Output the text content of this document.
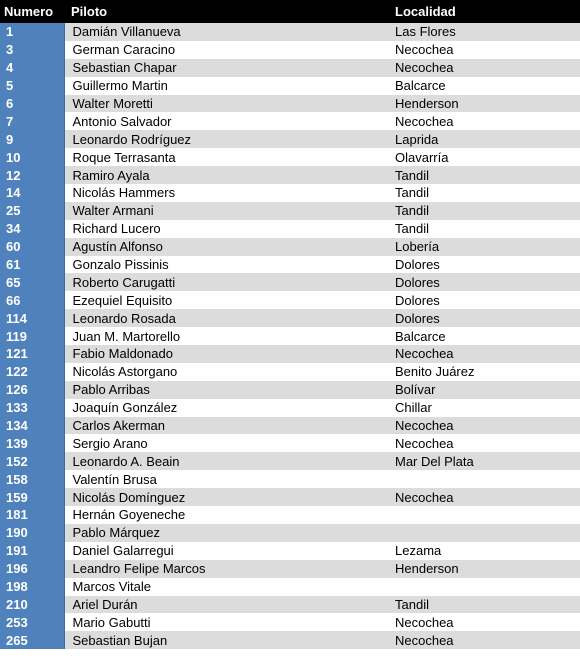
Numero	Piloto	Localidad
1	Damián Villanueva	Las Flores
3	German Caracino	Necochea
4	Sebastian Chapar	Necochea
5	Guillermo Martin	Balcarce
6	Walter Moretti	Henderson
7	Antonio Salvador	Necochea
9	Leonardo Rodríguez	Laprida
10	Roque Terrasanta	Olavarría
12	Ramiro Ayala	Tandil
14	Nicolás Hammers	Tandil
25	Walter Armani	Tandil
34	Richard Lucero	Tandil
60	Agustín Alfonso	Lobería
61	Gonzalo Pissinis	Dolores
65	Roberto Carugatti	Dolores
66	Ezequiel Equisito	Dolores
114	Leonardo Rosada	Dolores
119	Juan M. Martorello	Balcarce
121	Fabio Maldonado	Necochea
122	Nicolás Astorgano	Benito Juárez
126	Pablo Arribas	Bolívar
133	Joaquín González	Chillar
134	Carlos Akerman	Necochea
139	Sergio Arano	Necochea
152	Leonardo A. Beain	Mar Del Plata
158	Valentín Brusa	
159	Nicolás Domínguez	Necochea
181	Hernán Goyeneche	
190	Pablo Márquez	
191	Daniel Galarregui	Lezama
196	Leandro Felipe Marcos	Henderson
198	Marcos Vitale	
210	Ariel Durán	Tandil
253	Mario Gabutti	Necochea
265	Sebastian Bujan	Necochea
